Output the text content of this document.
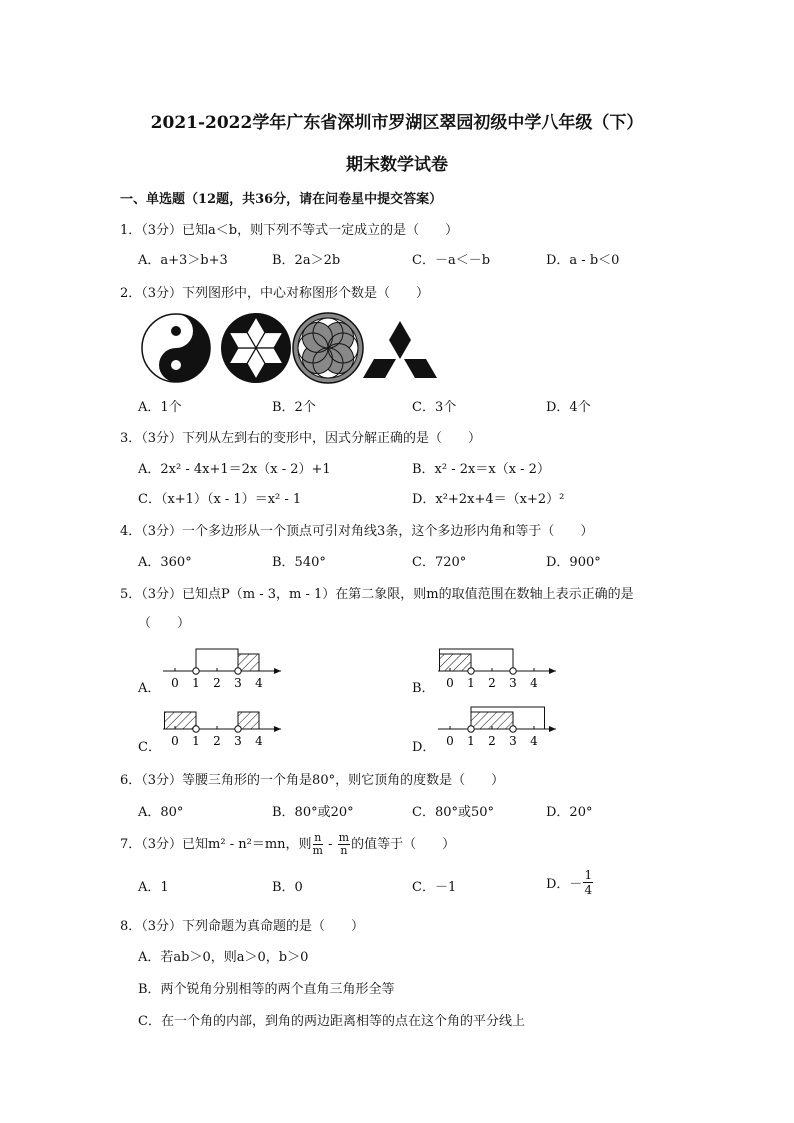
2021-2022学年广东省深圳市罗湖区翠园初级中学八年级（下）
期末数学试卷
一、单选题（12题，共36分，请在问卷星中提交答案）
1．（3分）已知a＜b，则下列不等式一定成立的是（　　）
A．a+3＞b+3	B．2a＞2b	C．－a＜－b	D．a - b＜0
2．（3分）下列图形中，中心对称图形个数是（　　）
A．1个	B．2个	C．3个	D．4个
3．（3分）下列从左到右的变形中，因式分解正确的是（　　）
A．2x² - 4x+1＝2x（x - 2）+1	B．x² - 2x＝x（x - 2）
C．（x+1）（x - 1）＝x² - 1	D．x²+2x+4＝（x+2）²
4．（3分）一个多边形从一个顶点可引对角线3条，这个多边形内角和等于（　　）
A．360°	B．540°	C．720°	D．900°
5．（3分）已知点P（m - 3，m - 1）在第二象限，则m的取值范围在数轴上表示正确的是
（　　）
0 1 2 3 4	0 1 2 3 4
0 1 2 3 4	0 1 2 3 4
A．	B．
C．	D．
6．（3分）等腰三角形的一个角是80°，则它顶角的度数是（　　）
A．80°	B．80°或20°	C．80°或50°	D．20°
7．（3分）已知m² - n²＝mn，则 $\frac{n}{m} - \frac{m}{n}$ 的值等于（　　）
A．1	B．0	C．－1	D．－ $\frac{1}{4}$
8．（3分）下列命题为真命题的是（　　）
A．若ab＞0，则a＞0，b＞0
B．两个锐角分别相等的两个直角三角形全等
C．在一个角的内部，到角的两边距离相等的点在这个角的平分线上
